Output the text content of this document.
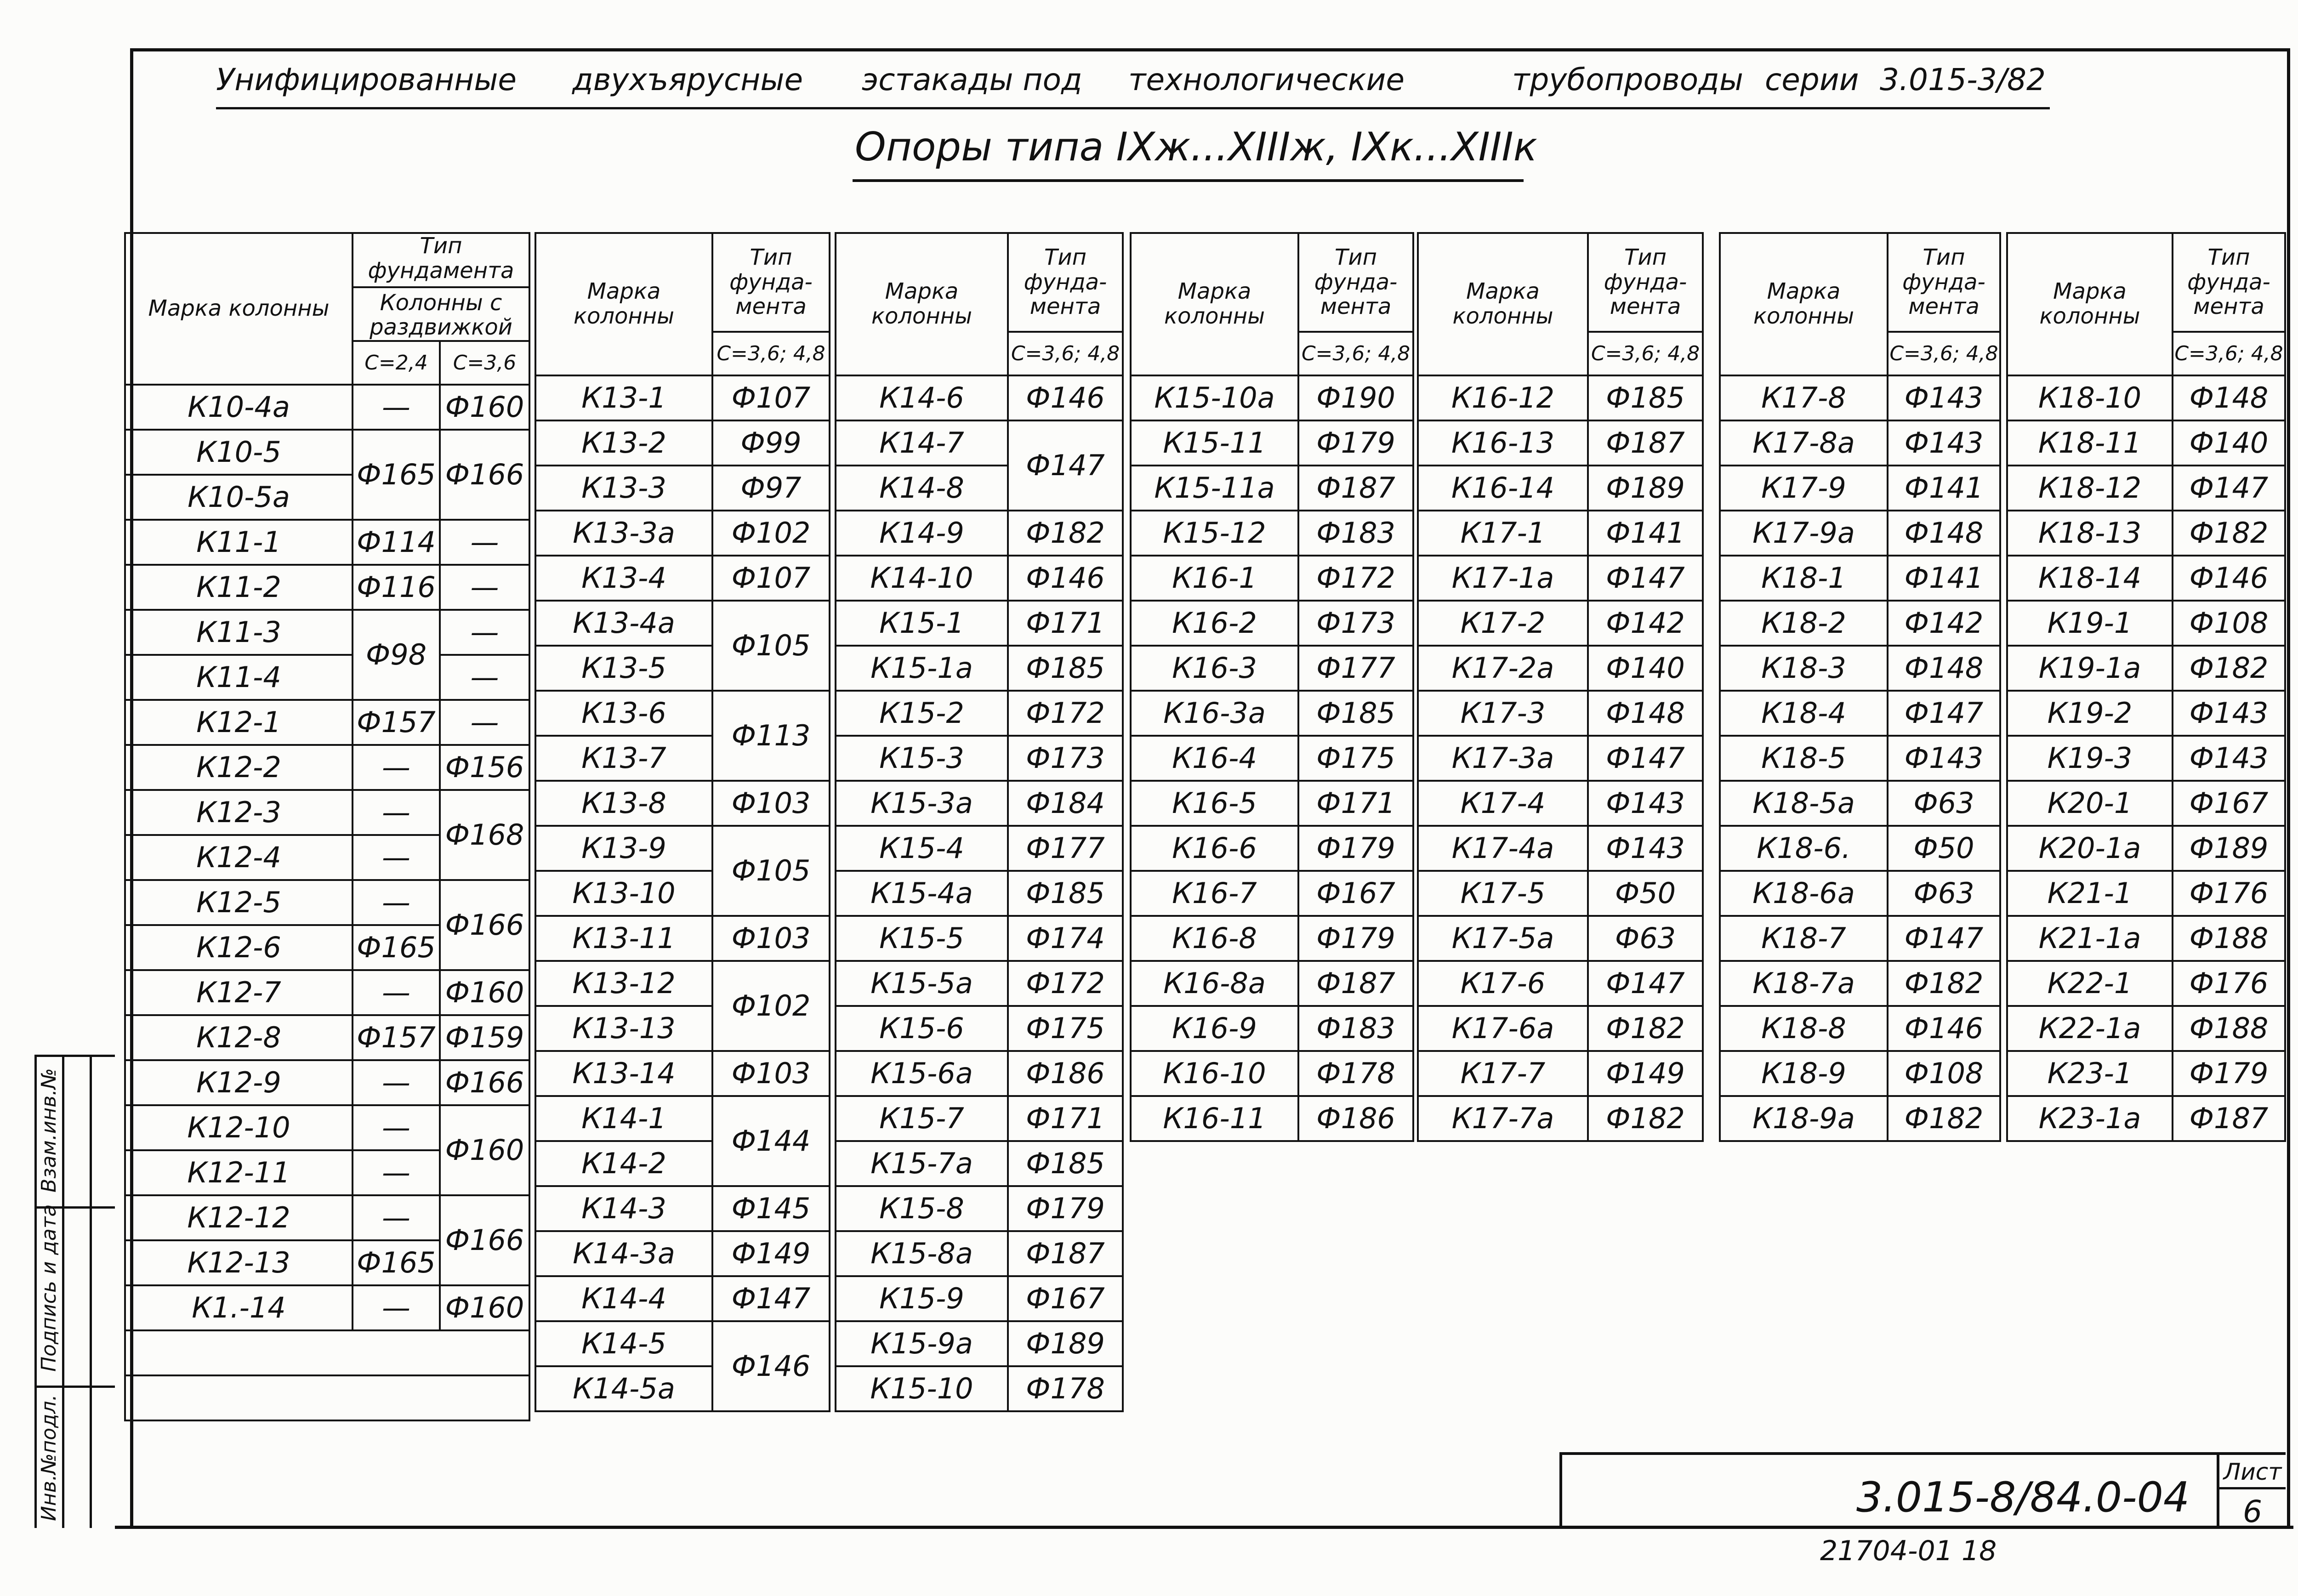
Унифицированные двухъярусные эстакады под технологические	трубопроводы серии 3.015-3/82
Опоры типа IXж...XIIIж, IXк...XIIIк
Марка колонны	Тип фундамента
Колонны с раздвижкой	

	С=2,4	С=3,6
К10-4а	—	Ф160
К10-5	Ф165	Ф166
К10-5а		
К11-1	Ф114	—
К11-2	Ф116	—
К11-3	Ф98	—
К11-4		—
К12-1	Ф157	—
К12-2	—	Ф156
К12-3	—	Ф168
К12-4	—	
К12-5	—	Ф166
К12-6	Ф165	
К12-7	—	Ф160
К12-8	Ф157	Ф159
К12-9	—	Ф166
К12-10	—	Ф160
К12-11	—	
К12-12	—	Ф166
К12-13	Ф165	
К1.-14	—	Ф160

Марка колонны	Тип фунда-мента
	С=3,6; 4,8
К13-1	Ф107
К13-2	Ф99
К13-3	Ф97
К13-3а	Ф102
К13-4	Ф107
К13-4а	Ф105
К13-5	
К13-6	Ф113
К13-7	
К13-8	Ф103
К13-9	Ф105
К13-10	
К13-11	Ф103
К13-12	Ф102
К13-13	
К13-14	Ф103
К14-1	Ф144
К14-2	
К14-3	Ф145
К14-3а	Ф149
К14-4	Ф147
К14-5	Ф146
К14-5а	
Марка колонны	Тип фунда-мента
	С=3,6; 4,8
К14-6	Ф146
К14-7	Ф147
К14-8	
К14-9	Ф182
К14-10	Ф146
К15-1	Ф171
К15-1а	Ф185
К15-2	Ф172
К15-3	Ф173
К15-3а	Ф184
К15-4	Ф177
К15-4а	Ф185
К15-5	Ф174
К15-5а	Ф172
К15-6	Ф175
К15-6а	Ф186
К15-7	Ф171
К15-7а	Ф185
К15-8	Ф179
К15-8а	Ф187
К15-9	Ф167
К15-9а	Ф189
К15-10	Ф178
Марка колонны	Тип фунда-мента
	С=3,6; 4,8
К15-10а	Ф190
К15-11	Ф179
К15-11а	Ф187
К15-12	Ф183
К16-1	Ф172
К16-2	Ф173
К16-3	Ф177
К16-3а	Ф185
К16-4	Ф175
К16-5	Ф171
К16-6	Ф179
К16-7	Ф167
К16-8	Ф179
К16-8а	Ф187
К16-9	Ф183
К16-10	Ф178
К16-11	Ф186
Марка колонны	Тип фунда-мента
	С=3,6; 4,8
К16-12	Ф185
К16-13	Ф187
К16-14	Ф189
К17-1	Ф141
К17-1а	Ф147
К17-2	Ф142
К17-2а	Ф140
К17-3	Ф148
К17-3а	Ф147
К17-4	Ф143
К17-4а	Ф143
К17-5	Ф50
К17-5а	Ф63
К17-6	Ф147
К17-6а	Ф182
К17-7	Ф149
К17-7а	Ф182
Марка колонны	Тип фунда-мента
	С=3,6; 4,8
К17-8	Ф143
К17-8а	Ф143
К17-9	Ф141
К17-9а	Ф148
К18-1	Ф141
К18-2	Ф142
К18-3	Ф148
К18-4	Ф147
К18-5	Ф143
К18-5а	Ф63
К18-6.	Ф50
К18-6а	Ф63
К18-7	Ф147
К18-7а	Ф182
К18-8	Ф146
К18-9	Ф108
К18-9а	Ф182
Марка колонны	Тип фунда-мента
	С=3,6; 4,8
К18-10	Ф148
К18-11	Ф140
К18-12	Ф147
К18-13	Ф182
К18-14	Ф146
К19-1	Ф108
К19-1а	Ф182
К19-2	Ф143
К19-3	Ф143
К20-1	Ф167
К20-1а	Ф189
К21-1	Ф176
К21-1а	Ф188
К22-1	Ф176
К22-1а	Ф188
К23-1	Ф179
К23-1а	Ф187
Инв.№подл.
Подпись и дата
Взам.инв.№
3.015-8/84.0-04
Лист
6
21704-01 18
